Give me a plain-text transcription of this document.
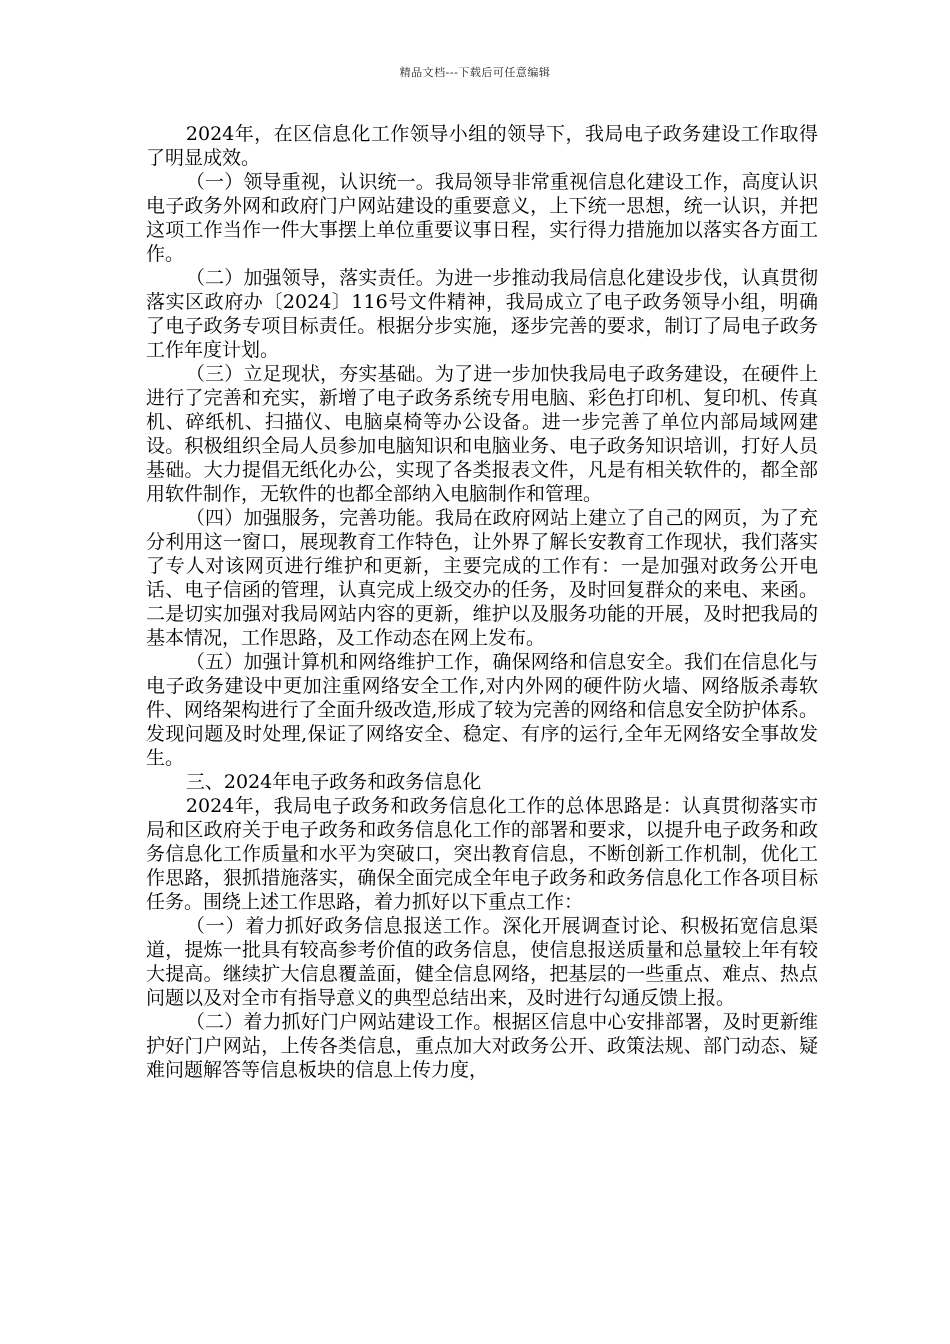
精品文档---下载后可任意编辑

2024年，在区信息化工作领导小组的领导下，我局电子政务建设工作取得了明显成效。

（一）领导重视，认识统一。我局领导非常重视信息化建设工作，高度认识电子政务外网和政府门户网站建设的重要意义，上下统一思想，统一认识，并把这项工作当作一件大事摆上单位重要议事日程，实行得力措施加以落实各方面工作。

（二）加强领导，落实责任。为进一步推动我局信息化建设步伐，认真贯彻落实区政府办〔2024〕116号文件精神，我局成立了电子政务领导小组，明确了电子政务专项目标责任。根据分步实施，逐步完善的要求，制订了局电子政务工作年度计划。

（三）立足现状，夯实基础。为了进一步加快我局电子政务建设，在硬件上进行了完善和充实，新增了电子政务系统专用电脑、彩色打印机、复印机、传真机、碎纸机、扫描仪、电脑桌椅等办公设备。进一步完善了单位内部局域网建设。积极组织全局人员参加电脑知识和电脑业务、电子政务知识培训，打好人员基础。大力提倡无纸化办公，实现了各类报表文件，凡是有相关软件的，都全部用软件制作，无软件的也都全部纳入电脑制作和管理。

（四）加强服务，完善功能。我局在政府网站上建立了自己的网页，为了充分利用这一窗口，展现教育工作特色，让外界了解长安教育工作现状，我们落实了专人对该网页进行维护和更新，主要完成的工作有：一是加强对政务公开电话、电子信函的管理，认真完成上级交办的任务，及时回复群众的来电、来函。二是切实加强对我局网站内容的更新，维护以及服务功能的开展，及时把我局的基本情况，工作思路，及工作动态在网上发布。

（五）加强计算机和网络维护工作，确保网络和信息安全。我们在信息化与电子政务建设中更加注重网络安全工作,对内外网的硬件防火墙、网络版杀毒软件、网络架构进行了全面升级改造,形成了较为完善的网络和信息安全防护体系。发现问题及时处理,保证了网络安全、稳定、有序的运行,全年无网络安全事故发生。

三、2024年电子政务和政务信息化

2024年，我局电子政务和政务信息化工作的总体思路是：认真贯彻落实市局和区政府关于电子政务和政务信息化工作的部署和要求，以提升电子政务和政务信息化工作质量和水平为突破口，突出教育信息，不断创新工作机制，优化工作思路，狠抓措施落实，确保全面完成全年电子政务和政务信息化工作各项目标任务。围绕上述工作思路，着力抓好以下重点工作：

（一）着力抓好政务信息报送工作。深化开展调查讨论、积极拓宽信息渠道，提炼一批具有较高参考价值的政务信息，使信息报送质量和总量较上年有较大提高。继续扩大信息覆盖面，健全信息网络，把基层的一些重点、难点、热点问题以及对全市有指导意义的典型总结出来，及时进行勾通反馈上报。

（二）着力抓好门户网站建设工作。根据区信息中心安排部署，及时更新维护好门户网站，上传各类信息，重点加大对政务公开、政策法规、部门动态、疑难问题解答等信息板块的信息上传力度，
